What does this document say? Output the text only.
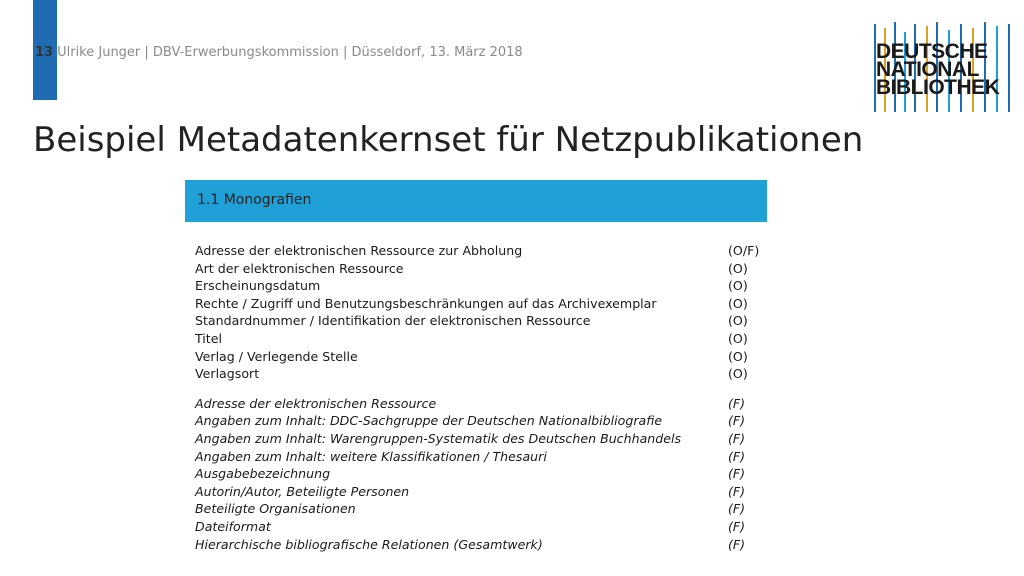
13 Ulrike Junger | DBV-Erwerbungskommission | Düsseldorf, 13. März 2018	DEUTSCHE
NATIONAL
BIBLIOTHEK
Beispiel Metadatenkernset für Netzpublikationen
1.1 Monografien
Adresse der elektronischen Ressource zur Abholung	(O/F)
Art der elektronischen Ressource	(O)
Erscheinungsdatum	(O)
Rechte / Zugriff und Benutzungsbeschränkungen auf das Archivexemplar	(O)
Standardnummer / Identifikation der elektronischen Ressource	(O)
Titel	(O)
Verlag / Verlegende Stelle	(O)
Verlagsort	(O)
Adresse der elektronischen Ressource	(F)
Angaben zum Inhalt: DDC-Sachgruppe der Deutschen Nationalbibliografie	(F)
Angaben zum Inhalt: Warengruppen-Systematik des Deutschen Buchhandels	(F)
Angaben zum Inhalt: weitere Klassifikationen / Thesauri	(F)
Ausgabebezeichnung	(F)
Autorin/Autor, Beteiligte Personen	(F)
Beteiligte Organisationen	(F)
Dateiformat	(F)
Hierarchische bibliografische Relationen (Gesamtwerk)	(F)
